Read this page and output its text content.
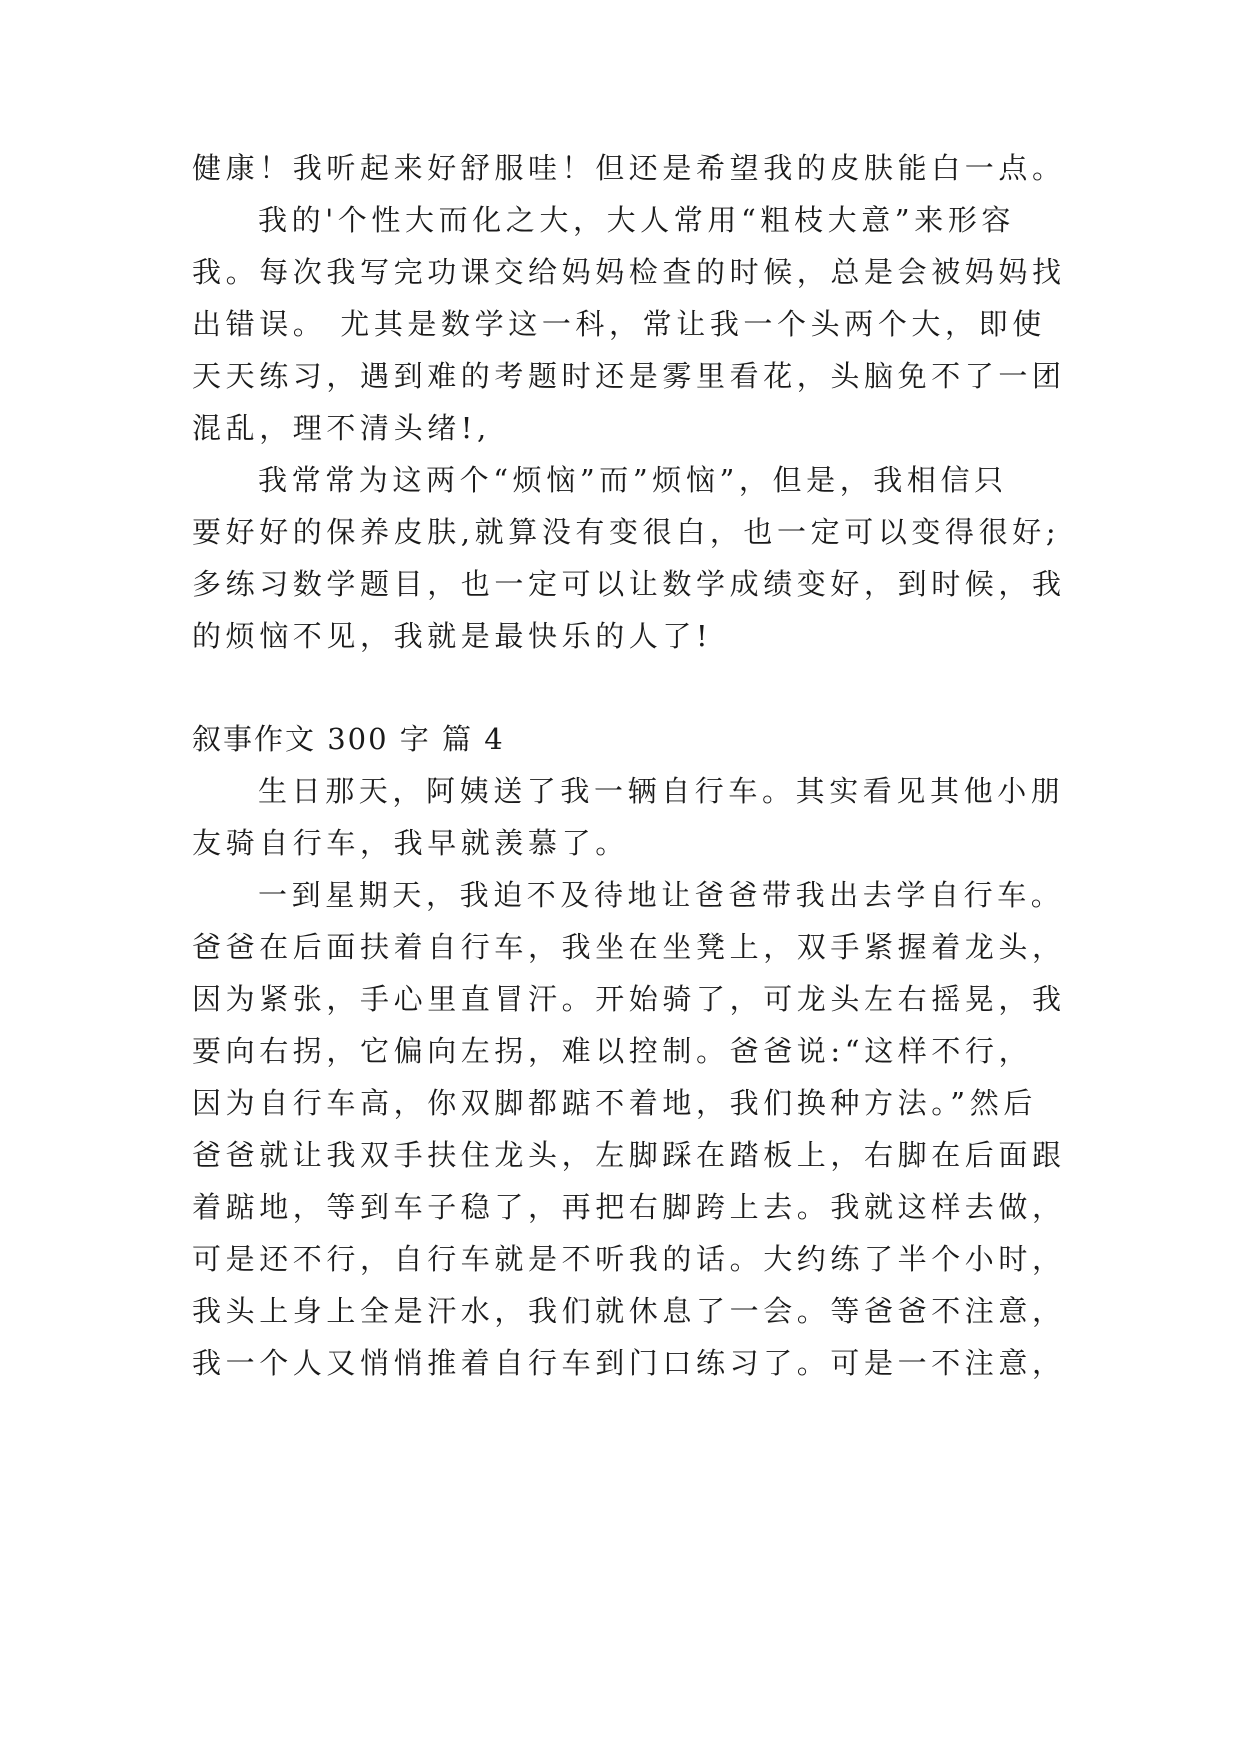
健康！我听起来好舒服哇！但还是希望我的皮肤能白一点。

我的'个性大而化之大，大人常用“粗枝大意”来形容

我。每次我写完功课交给妈妈检查的时候，总是会被妈妈找

出错误。 尤其是数学这一科，常让我一个头两个大，即使

天天练习，遇到难的考题时还是雾里看花，头脑免不了一团

混乱，理不清头绪!,

我常常为这两个“烦恼”而”烦恼”，但是，我相信只

要好好的保养皮肤,就算没有变很白，也一定可以变得很好;

多练习数学题目，也一定可以让数学成绩变好，到时候，我

的烦恼不见，我就是最快乐的人了!

叙事作文 300 字 篇 4

生日那天，阿姨送了我一辆自行车。其实看见其他小朋

友骑自行车，我早就羡慕了。

一到星期天，我迫不及待地让爸爸带我出去学自行车。

爸爸在后面扶着自行车，我坐在坐凳上，双手紧握着龙头，

因为紧张，手心里直冒汗。开始骑了，可龙头左右摇晃，我

要向右拐，它偏向左拐，难以控制。爸爸说:“这样不行，

因为自行车高，你双脚都踮不着地，我们换种方法。”然后

爸爸就让我双手扶住龙头，左脚踩在踏板上，右脚在后面跟

着踮地，等到车子稳了，再把右脚跨上去。我就这样去做，

可是还不行，自行车就是不听我的话。大约练了半个小时，

我头上身上全是汗水，我们就休息了一会。等爸爸不注意，

我一个人又悄悄推着自行车到门口练习了。可是一不注意，
